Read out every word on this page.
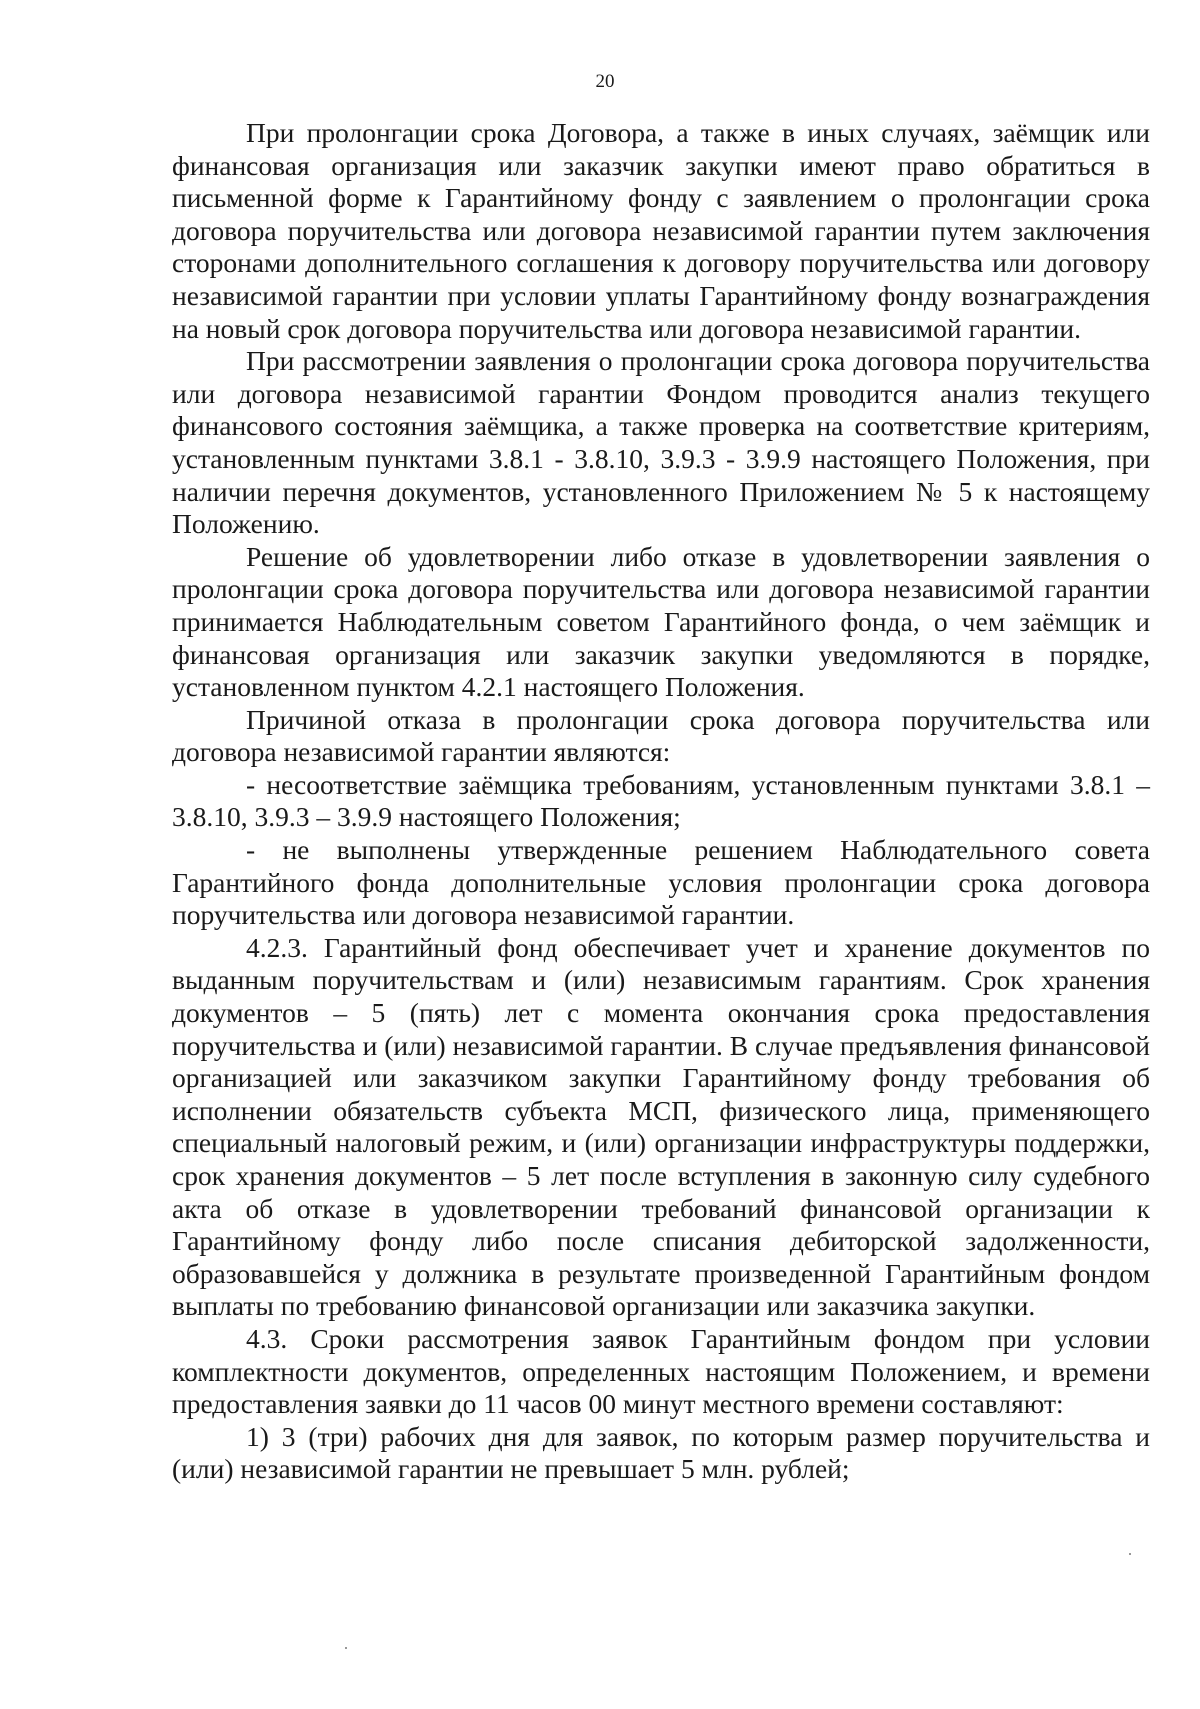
20

При пролонгации срока Договора, а также в иных случаях, заёмщик или финансовая организация или заказчик закупки имеют право обратиться в письменной форме к Гарантийному фонду с заявлением о пролонгации срока договора поручительства или договора независимой гарантии путем заключения сторонами дополнительного соглашения к договору поручительства или договору независимой гарантии при условии уплаты Гарантийному фонду вознаграждения на новый срок договора поручительства или договора независимой гарантии.

При рассмотрении заявления о пролонгации срока договора поручительства или договора независимой гарантии Фондом проводится анализ текущего финансового состояния заёмщика, а также проверка на соответствие критериям, установленным пунктами 3.8.1 - 3.8.10, 3.9.3 - 3.9.9 настоящего Положения, при наличии перечня документов, установленного Приложением № 5 к настоящему Положению.

Решение об удовлетворении либо отказе в удовлетворении заявления о пролонгации срока договора поручительства или договора независимой гарантии принимается Наблюдательным советом Гарантийного фонда, о чем заёмщик и финансовая организация или заказчик закупки уведомляются в порядке, установленном пунктом 4.2.1 настоящего Положения.

Причиной отказа в пролонгации срока договора поручительства или договора независимой гарантии являются:

- несоответствие заёмщика требованиям, установленным пунктами 3.8.1 – 3.8.10, 3.9.3 – 3.9.9 настоящего Положения;

- не выполнены утвержденные решением Наблюдательного совета Гарантийного фонда дополнительные условия пролонгации срока договора поручительства или договора независимой гарантии.

4.2.3. Гарантийный фонд обеспечивает учет и хранение документов по выданным поручительствам и (или) независимым гарантиям. Срок хранения документов – 5 (пять) лет с момента окончания срока предоставления поручительства и (или) независимой гарантии. В случае предъявления финансовой организацией или заказчиком закупки Гарантийному фонду требования об исполнении обязательств субъекта МСП, физического лица, применяющего специальный налоговый режим, и (или) организации инфраструктуры поддержки, срок хранения документов – 5 лет после вступления в законную силу судебного акта об отказе в удовлетворении требований финансовой организации к Гарантийному фонду либо после списания дебиторской задолженности, образовавшейся у должника в результате произведенной Гарантийным фондом выплаты по требованию финансовой организации или заказчика закупки.

4.3. Сроки рассмотрения заявок Гарантийным фондом при условии комплектности документов, определенных настоящим Положением, и времени предоставления заявки до 11 часов 00 минут местного времени составляют:

1) 3 (три) рабочих дня для заявок, по которым размер поручительства и (или) независимой гарантии не превышает 5 млн. рублей;
